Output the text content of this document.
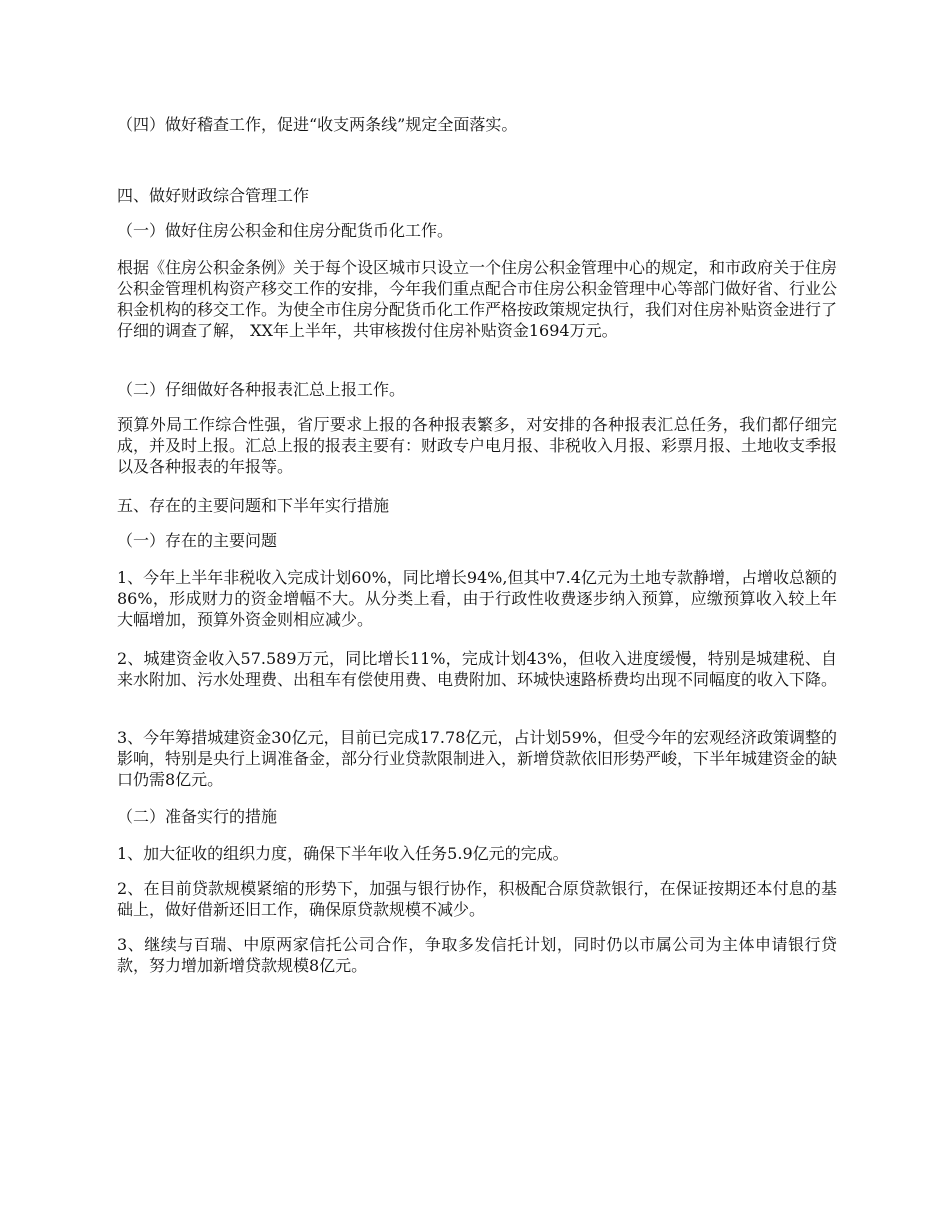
（四）做好稽查工作，促进“收支两条线”规定全面落实。

四、做好财政综合管理工作

（一）做好住房公积金和住房分配货币化工作。

根据《住房公积金条例》关于每个设区城市只设立一个住房公积金管理中心的规定，和市政府关于住房公积金管理机构资产移交工作的安排，今年我们重点配合市住房公积金管理中心等部门做好省、行业公积金机构的移交工作。为使全市住房分配货币化工作严格按政策规定执行，我们对住房补贴资金进行了仔细的调查了解， XX年上半年，共审核拨付住房补贴资金1694万元。

（二）仔细做好各种报表汇总上报工作。

预算外局工作综合性强，省厅要求上报的各种报表繁多，对安排的各种报表汇总任务，我们都仔细完成，并及时上报。汇总上报的报表主要有：财政专户电月报、非税收入月报、彩票月报、土地收支季报以及各种报表的年报等。

五、存在的主要问题和下半年实行措施

（一）存在的主要问题

1、今年上半年非税收入完成计划60%，同比增长94%,但其中7.4亿元为土地专款静增，占增收总额的86%，形成财力的资金增幅不大。从分类上看，由于行政性收费逐步纳入预算，应缴预算收入较上年大幅增加，预算外资金则相应减少。

2、城建资金收入57.589万元，同比增长11%，完成计划43%，但收入进度缓慢，特别是城建税、自来水附加、污水处理费、出租车有偿使用费、电费附加、环城快速路桥费均出现不同幅度的收入下降。

3、今年筹措城建资金30亿元，目前已完成17.78亿元，占计划59%，但受今年的宏观经济政策调整的影响，特别是央行上调准备金，部分行业贷款限制进入，新增贷款依旧形势严峻，下半年城建资金的缺口仍需8亿元。

（二）准备实行的措施

1、加大征收的组织力度，确保下半年收入任务5.9亿元的完成。

2、在目前贷款规模紧缩的形势下，加强与银行协作，积极配合原贷款银行，在保证按期还本付息的基础上，做好借新还旧工作，确保原贷款规模不减少。

3、继续与百瑞、中原两家信托公司合作，争取多发信托计划，同时仍以市属公司为主体申请银行贷款，努力增加新增贷款规模8亿元。
